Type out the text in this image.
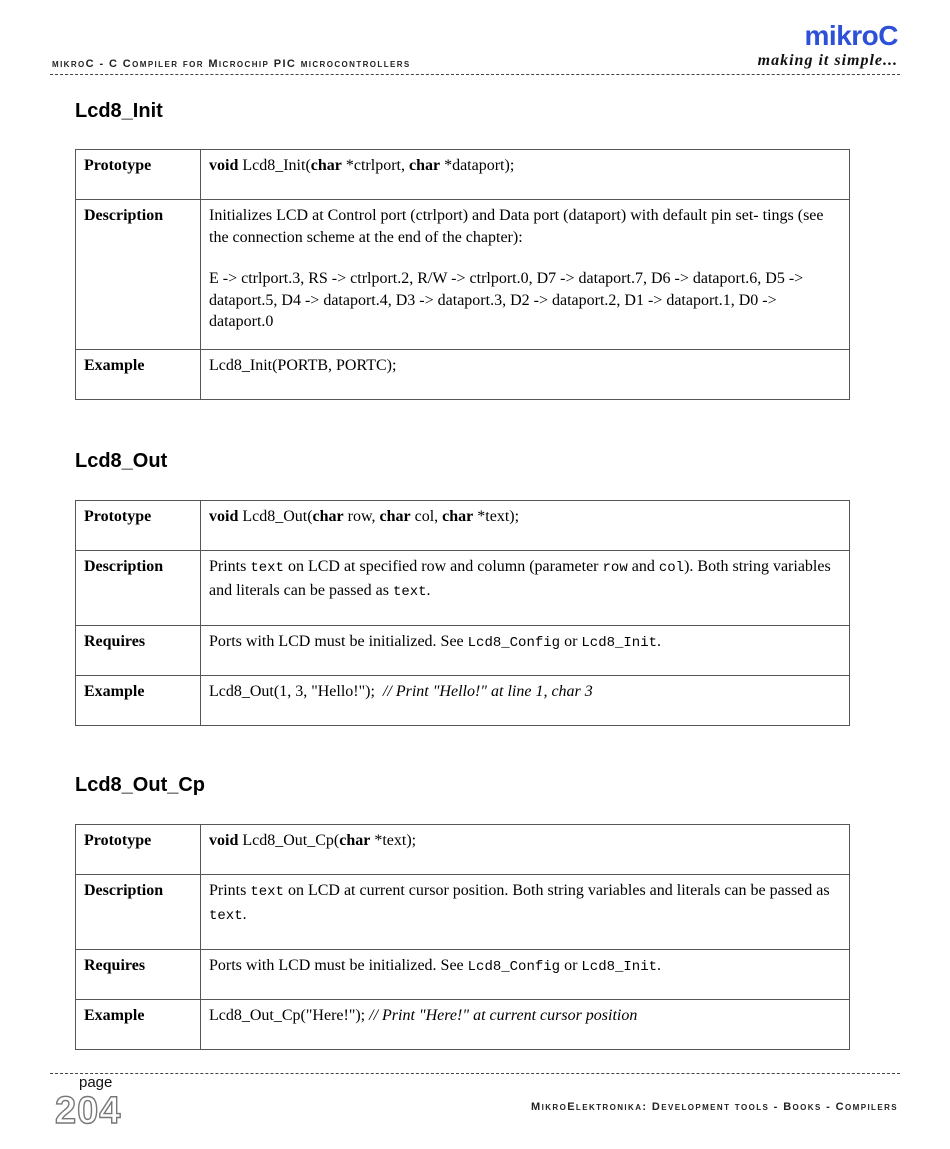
mikroC - C Compiler for Microchip PIC microcontrollers
mikroC
making it simple...
Lcd8_Init
Prototype	void Lcd8_Init(char *ctrlport, char *dataport);
Description	Initializes LCD at Control port (ctrlport) and Data port (dataport) with default pin set- tings (see the connection scheme at the end of the chapter):

E -> ctrlport.3, RS -> ctrlport.2, R/W -> ctrlport.0, D7 -> dataport.7, D6 -> dataport.6, D5 -> dataport.5, D4 -> dataport.4, D3 -> dataport.3, D2 -> dataport.2, D1 -> dataport.1, D0 -> dataport.0

Example	Lcd8_Init(PORTB, PORTC);
Lcd8_Out
Prototype	void Lcd8_Out(char row, char col, char *text);
Description	Prints text on LCD at specified row and column (parameter row and col). Both string variables and literals can be passed as text.
Requires	Ports with LCD must be initialized. See Lcd8_Config or Lcd8_Init.
Example	Lcd8_Out(1, 3, "Hello!");  // Print "Hello!" at line 1, char 3
Lcd8_Out_Cp
Prototype	void Lcd8_Out_Cp(char *text);
Description	Prints text on LCD at current cursor position. Both string variables and literals can be passed as text.
Requires	Ports with LCD must be initialized. See Lcd8_Config or Lcd8_Init.
Example	Lcd8_Out_Cp("Here!"); // Print "Here!" at current cursor position
page
204	MikroElektronika: Development tools - Books - Compilers
